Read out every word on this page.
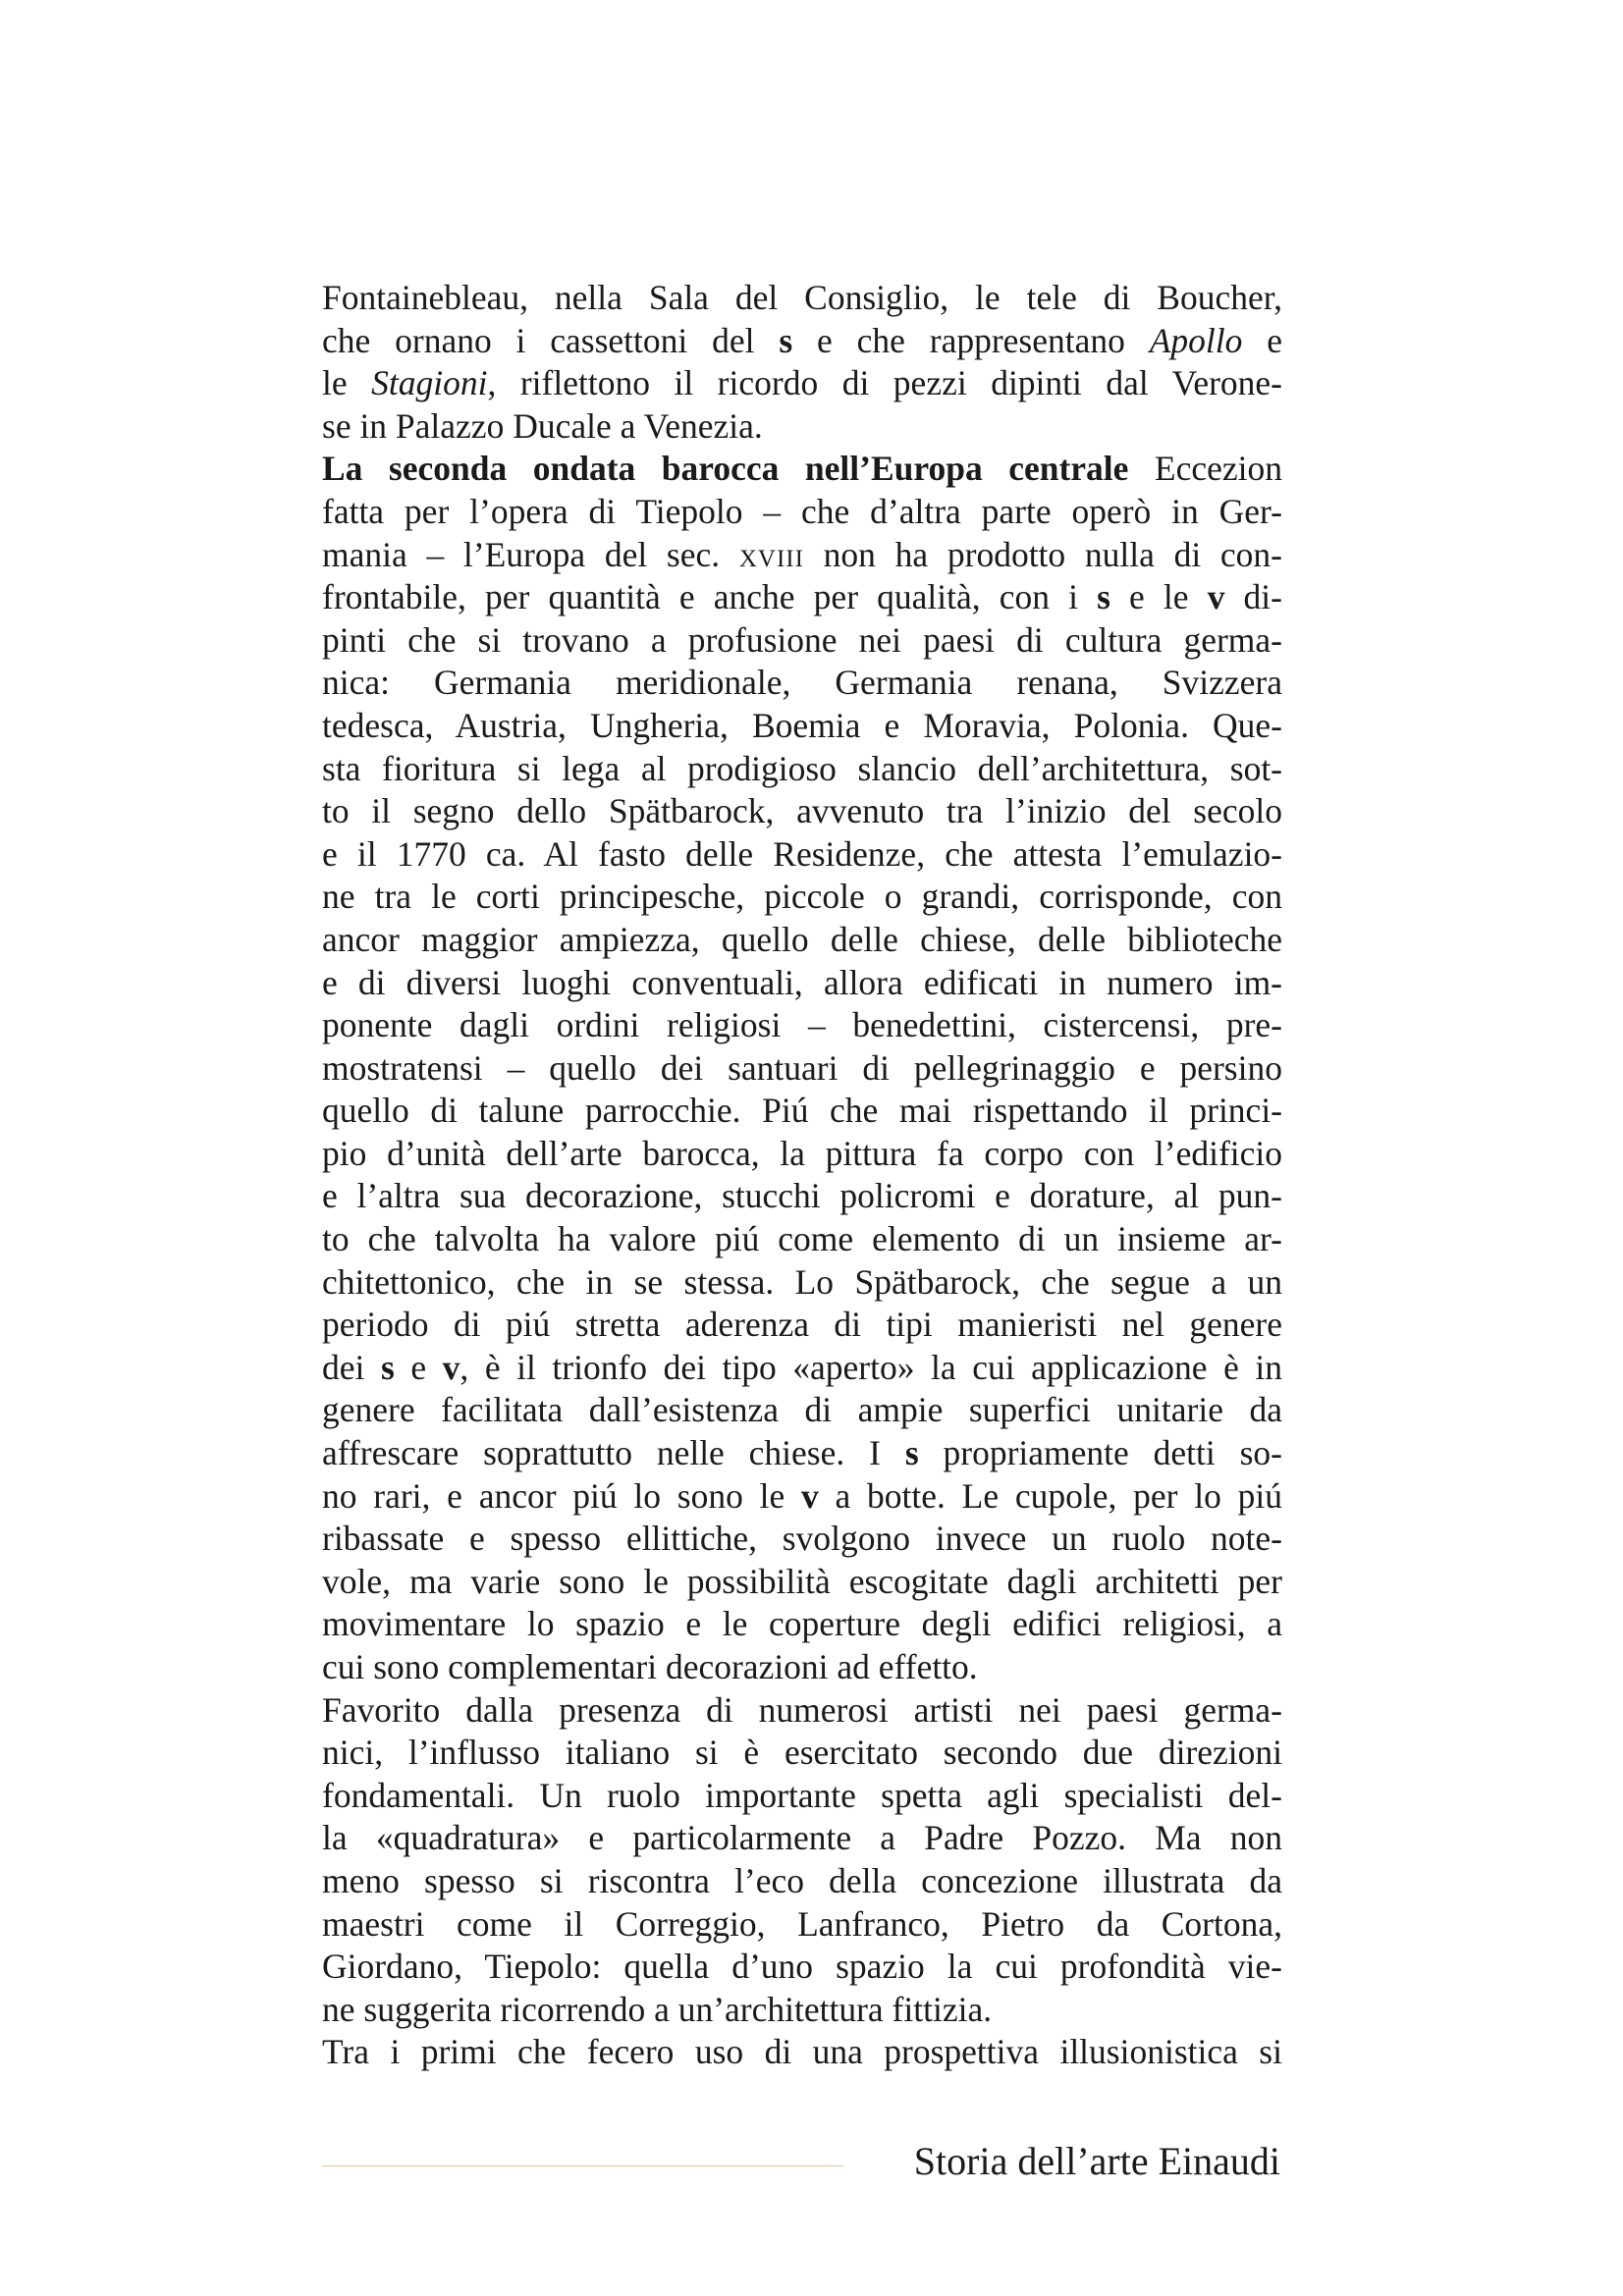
Fontainebleau, nella Sala del Consiglio, le tele di Boucher,
che ornano i cassettoni del s e che rappresentano Apollo e
le Stagioni, riflettono il ricordo di pezzi dipinti dal Verone-
se in Palazzo Ducale a Venezia.
La seconda ondata barocca nell’Europa centrale Eccezion
fatta per l’opera di Tiepolo – che d’altra parte operò in Ger-
mania – l’Europa del sec. xviii non ha prodotto nulla di con-
frontabile, per quantità e anche per qualità, con i s e le v di-
pinti che si trovano a profusione nei paesi di cultura germa-
nica: Germania meridionale, Germania renana, Svizzera
tedesca, Austria, Ungheria, Boemia e Moravia, Polonia. Que-
sta fioritura si lega al prodigioso slancio dell’architettura, sot-
to il segno dello Spätbarock, avvenuto tra l’inizio del secolo
e il 1770 ca. Al fasto delle Residenze, che attesta l’emulazio-
ne tra le corti principesche, piccole o grandi, corrisponde, con
ancor maggior ampiezza, quello delle chiese, delle biblioteche
e di diversi luoghi conventuali, allora edificati in numero im-
ponente dagli ordini religiosi – benedettini, cistercensi, pre-
mostratensi – quello dei santuari di pellegrinaggio e persino
quello di talune parrocchie. Piú che mai rispettando il princi-
pio d’unità dell’arte barocca, la pittura fa corpo con l’edificio
e l’altra sua decorazione, stucchi policromi e dorature, al pun-
to che talvolta ha valore piú come elemento di un insieme ar-
chitettonico, che in se stessa. Lo Spätbarock, che segue a un
periodo di piú stretta aderenza di tipi manieristi nel genere
dei s e v, è il trionfo dei tipo «aperto» la cui applicazione è in
genere facilitata dall’esistenza di ampie superfici unitarie da
affrescare soprattutto nelle chiese. I s propriamente detti so-
no rari, e ancor piú lo sono le v a botte. Le cupole, per lo piú
ribassate e spesso ellittiche, svolgono invece un ruolo note-
vole, ma varie sono le possibilità escogitate dagli architetti per
movimentare lo spazio e le coperture degli edifici religiosi, a
cui sono complementari decorazioni ad effetto.
Favorito dalla presenza di numerosi artisti nei paesi germa-
nici, l’influsso italiano si è esercitato secondo due direzioni
fondamentali. Un ruolo importante spetta agli specialisti del-
la «quadratura» e particolarmente a Padre Pozzo. Ma non
meno spesso si riscontra l’eco della concezione illustrata da
maestri come il Correggio, Lanfranco, Pietro da Cortona,
Giordano, Tiepolo: quella d’uno spazio la cui profondità vie-
ne suggerita ricorrendo a un’architettura fittizia.
Tra i primi che fecero uso di una prospettiva illusionistica si
Storia dell’arte Einaudi
